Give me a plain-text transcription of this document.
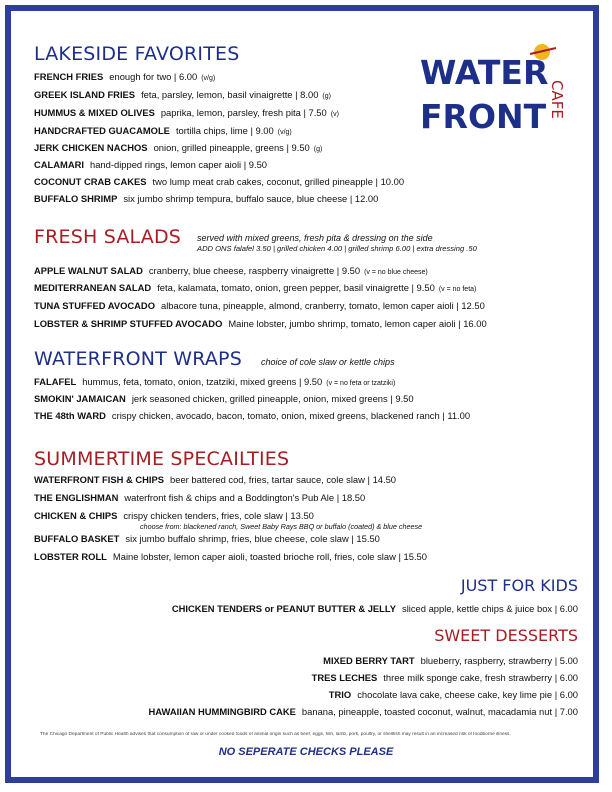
WATER
FRONT CAFE
LAKESIDE FAVORITES
FRENCH FRIES enough for two | 6.00 (v/g)
GREEK ISLAND FRIES feta, parsley, lemon, basil vinaigrette | 8.00 (g)
HUMMUS & MIXED OLIVES paprika, lemon, parsley, fresh pita | 7.50 (v)
HANDCRAFTED GUACAMOLE tortilla chips, lime | 9.00 (v/g)
JERK CHICKEN NACHOS onion, grilled pineapple, greens | 9.50 (g)
CALAMARI hand-dipped rings, lemon caper aioli | 9.50
COCONUT CRAB CAKES two lump meat crab cakes, coconut, grilled pineapple | 10.00
BUFFALO SHRIMP six jumbo shrimp tempura, buffalo sauce, blue cheese | 12.00
FRESH SALADS served with mixed greens, fresh pita & dressing on the side
ADD ONS falafel 3.50 | grilled chicken 4.00 | grilled shrimp 6.00 | extra dressing .50
APPLE WALNUT SALAD cranberry, blue cheese, raspberry vinaigrette | 9.50 (v = no blue cheese)
MEDITERRANEAN SALAD feta, kalamata, tomato, onion, green pepper, basil vinaigrette | 9.50 (v = no feta)
TUNA STUFFED AVOCADO albacore tuna, pineapple, almond, cranberry, tomato, lemon caper aioli | 12.50
LOBSTER & SHRIMP STUFFED AVOCADO Maine lobster, jumbo shrimp, tomato, lemon caper aioli | 16.00
WATERFRONT WRAPS choice of cole slaw or kettle chips
FALAFEL hummus, feta, tomato, onion, tzatziki, mixed greens | 9.50 (v = no feta or tzatziki)
SMOKIN' JAMAICAN jerk seasoned chicken, grilled pineapple, onion, mixed greens | 9.50
THE 48th WARD crispy chicken, avocado, bacon, tomato, onion, mixed greens, blackened ranch | 11.00
SUMMERTIME SPECAILTIES
WATERFRONT FISH & CHIPS beer battered cod, fries, tartar sauce, cole slaw | 14.50
THE ENGLISHMAN waterfront fish & chips and a Boddington's Pub Ale | 18.50
CHICKEN & CHIPS crispy chicken tenders, fries, cole slaw | 13.50
choose from: blackened ranch, Sweet Baby Rays BBQ or buffalo (coated) & blue cheese
BUFFALO BASKET six jumbo buffalo shrimp, fries, blue cheese, cole slaw | 15.50
LOBSTER ROLL Maine lobster, lemon caper aioli, toasted brioche roll, fries, cole slaw | 15.50
JUST FOR KIDS
CHICKEN TENDERS or PEANUT BUTTER & JELLY sliced apple, kettle chips & juice box | 6.00
SWEET DESSERTS
MIXED BERRY TART blueberry, raspberry, strawberry | 5.00
TRES LECHES three milk sponge cake, fresh strawberry | 6.00
TRIO chocolate lava cake, cheese cake, key lime pie | 6.00
HAWAIIAN HUMMINGBIRD CAKE banana, pineapple, toasted coconut, walnut, macadamia nut | 7.00
The Chicago Department of Public Health advises that consumption of raw or under cooked foods of animal origin such as beef, eggs, fish, lamb, pork, poultry, or shellfish may result in an increased risk of foodborne illness.
NO SEPERATE CHECKS PLEASE
